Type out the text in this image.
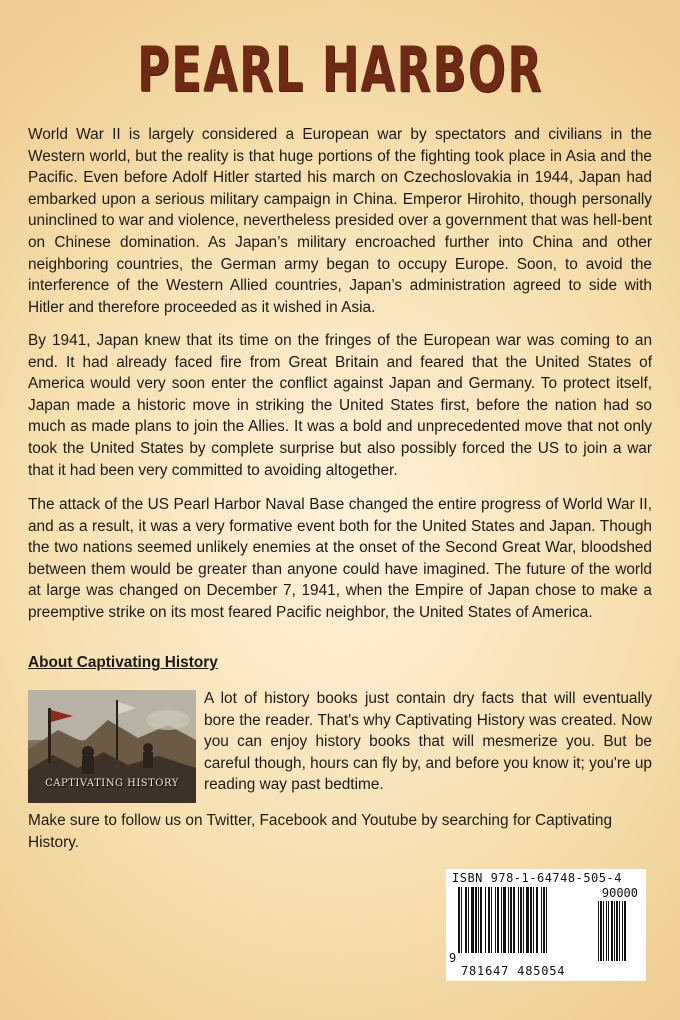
PEARL HARBOR

World War II is largely considered a European war by spectators and civilians in the Western world, but the reality is that huge portions of the fighting took place in Asia and the Pacific. Even before Adolf Hitler started his march on Czechoslovakia in 1944, Japan had embarked upon a serious military campaign in China. Emperor Hirohito, though personally uninclined to war and violence, nevertheless presided over a government that was hell-bent on Chinese domination. As Japan’s military encroached further into China and other neighboring countries, the German army began to occupy Europe. Soon, to avoid the interference of the Western Allied countries, Japan’s administration agreed to side with Hitler and therefore proceeded as it wished in Asia.

By 1941, Japan knew that its time on the fringes of the European war was coming to an end. It had already faced fire from Great Britain and feared that the United States of America would very soon enter the conflict against Japan and Germany. To protect itself, Japan made a historic move in striking the United States first, before the nation had so much as made plans to join the Allies. It was a bold and unprecedented move that not only took the United States by complete surprise but also possibly forced the US to join a war that it had been very committed to avoiding altogether.

The attack of the US Pearl Harbor Naval Base changed the entire progress of World War II, and as a result, it was a very formative event both for the United States and Japan. Though the two nations seemed unlikely enemies at the onset of the Second Great War, bloodshed between them would be greater than anyone could have imagined. The future of the world at large was changed on December 7, 1941, when the Empire of Japan chose to make a preemptive strike on its most feared Pacific neighbor, the United States of America.

About Captivating History

CAPTIVATING HISTORY

A lot of history books just contain dry facts that will eventually bore the reader. That's why Captivating History was created. Now you can enjoy history books that will mesmerize you. But be careful though, hours can fly by, and before you know it; you're up reading way past bedtime.

Make sure to follow us on Twitter, Facebook and Youtube by searching for Captivating History.

ISBN 978-1-64748-505-4
90000
9
781647 485054
